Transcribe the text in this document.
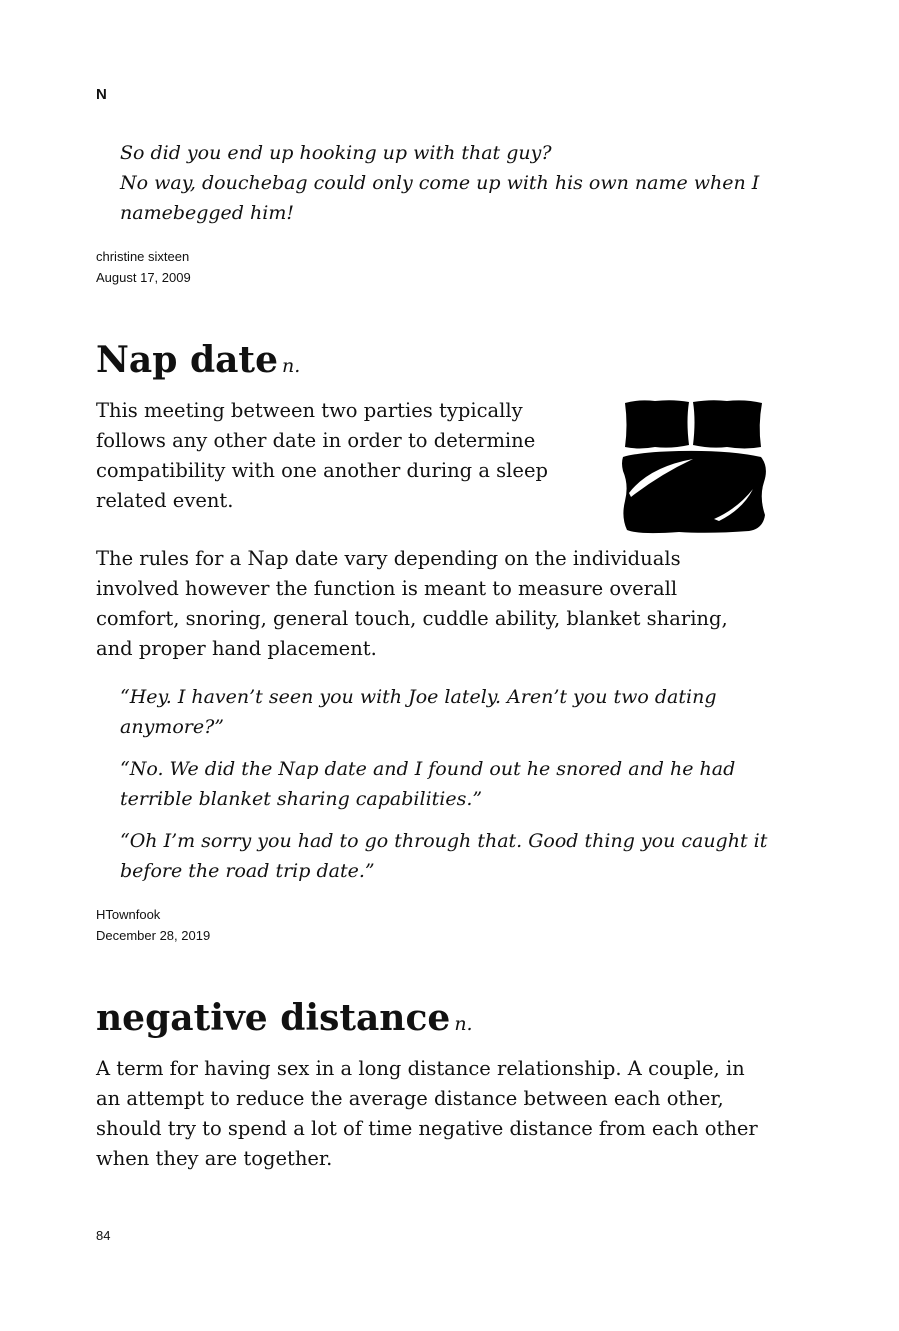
N

So did you end up hooking up with that guy?

No way, douchebag could only come up with his own name when I namebegged him!

christine sixteen
August 17, 2009
Nap date n.

This meeting between two parties typically follows any other date in order to determine compatibility with one another during a sleep related event.

The rules for a Nap date vary depending on the individuals involved however the function is meant to measure overall comfort, snoring, general touch, cuddle ability, blanket sharing, and proper hand placement.

“Hey. I haven’t seen you with Joe lately. Aren’t you two dating anymore?”

“No. We did the Nap date and I found out he snored and he had terrible blanket sharing capabilities.”

“Oh I’m sorry you had to go through that. Good thing you caught it before the road trip date.”

HTownfook
December 28, 2019
negative distance n.

A term for having sex in a long distance relationship. A couple, in an attempt to reduce the average distance between each other, should try to spend a lot of time negative distance from each other when they are together.

84
